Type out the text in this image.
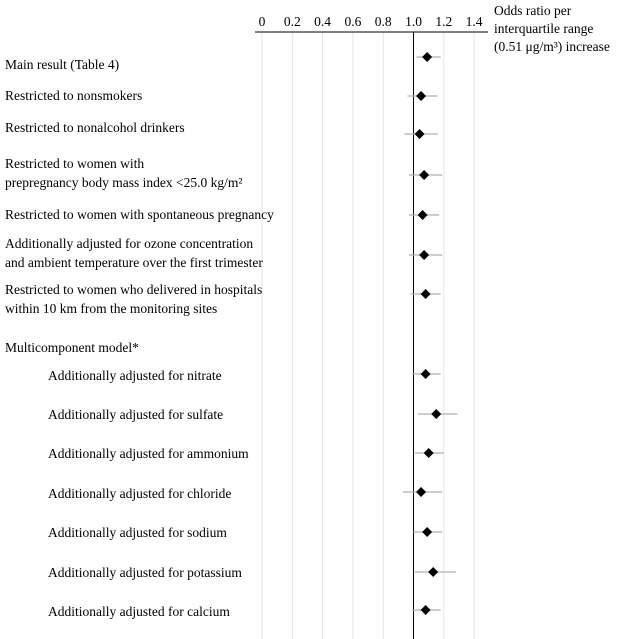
0 0.2 0.4 0.6 0.8 1.0 1.2 1.4
Odds ratio per
interquartile range
(0.51 μg/m³) increase
Main result (Table 4)
Restricted to nonsmokers
Restricted to nonalcohol drinkers
Restricted to women with
prepregnancy body mass index <25.0 kg/m²
Restricted to women with spontaneous pregnancy
Additionally adjusted for ozone concentration
and ambient temperature over the first trimester
Restricted to women who delivered in hospitals
within 10 km from the monitoring sites
Multicomponent model*
Additionally adjusted for nitrate
Additionally adjusted for sulfate
Additionally adjusted for ammonium
Additionally adjusted for chloride
Additionally adjusted for sodium
Additionally adjusted for potassium
Additionally adjusted for calcium
